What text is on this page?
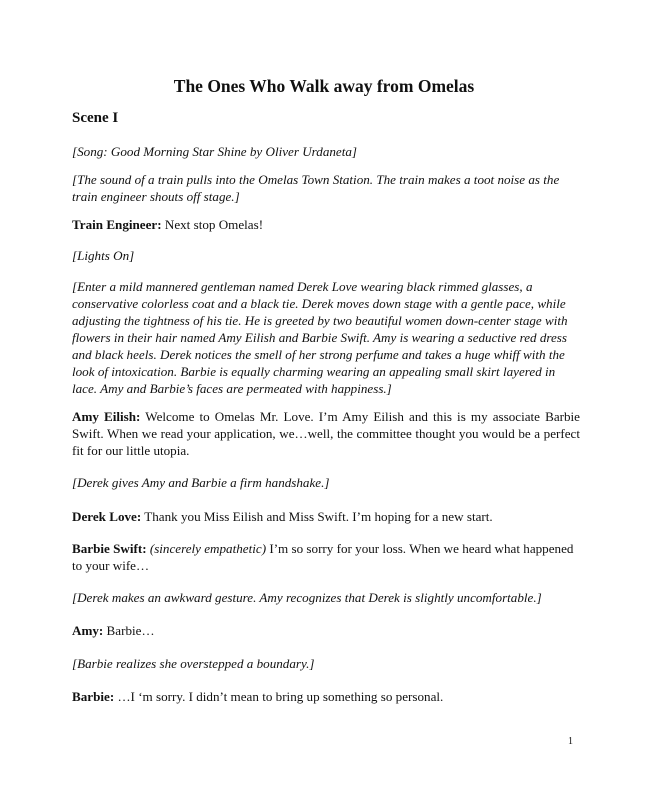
The Ones Who Walk away from Omelas
Scene I

[Song: Good Morning Star Shine by Oliver Urdaneta]

[The sound of a train pulls into the Omelas Town Station. The train makes a toot noise as the train engineer shouts off stage.]

Train Engineer: Next stop Omelas!

[Lights On]

[Enter a mild mannered gentleman named Derek Love wearing black rimmed glasses, a conservative colorless coat and a black tie. Derek moves down stage with a gentle pace, while adjusting the tightness of his tie. He is greeted by two beautiful women down-center stage with flowers in their hair named Amy Eilish and Barbie Swift. Amy is wearing a seductive red dress and black heels. Derek notices the smell of her strong perfume and takes a huge whiff with the look of intoxication. Barbie is equally charming wearing an appealing small skirt layered in lace. Amy and Barbie’s faces are permeated with happiness.]

Amy Eilish: Welcome to Omelas Mr. Love. I’m Amy Eilish and this is my associate Barbie Swift. When we read your application, we…well, the committee thought you would be a perfect fit for our little utopia.

[Derek gives Amy and Barbie a firm handshake.]

Derek Love: Thank you Miss Eilish and Miss Swift. I’m hoping for a new start.

Barbie Swift: (sincerely empathetic) I’m so sorry for your loss. When we heard what happened to your wife…

[Derek makes an awkward gesture. Amy recognizes that Derek is slightly uncomfortable.]

Amy: Barbie…

[Barbie realizes she overstepped a boundary.]

Barbie: …I ‘m sorry. I didn’t mean to bring up something so personal.

1
